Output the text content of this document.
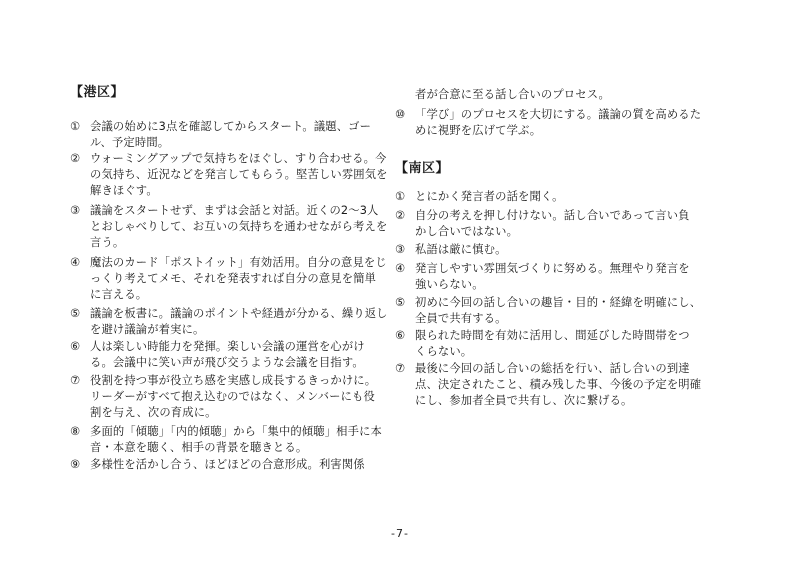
【港区】
① 会議の始めに3点を確認してからスタート。議題、ゴー
ル、予定時間。
② ウォーミングアップで気持ちをほぐし、すり合わせる。今
の気持ち、近況などを発言してもらう。堅苦しい雰囲気を
解きほぐす。
③ 議論をスタートせず、まずは会話と対話。近くの2～3人
とおしゃべりして、お互いの気持ちを通わせながら考えを
言う。
④ 魔法のカード「ポストイット」有効活用。自分の意見をじ
っくり考えてメモ、それを発表すれば自分の意見を簡単
に言える。
⑤ 議論を板書に。議論のポイントや経過が分かる、繰り返し
を避け議論が着実に。
⑥ 人は楽しい時能力を発揮。楽しい会議の運営を心がけ
る。会議中に笑い声が飛び交うような会議を目指す。
⑦ 役割を持つ事が役立ち感を実感し成長するきっかけに。
リーダーがすべて抱え込むのではなく、メンバーにも役
割を与え、次の育成に。
⑧ 多面的「傾聴」「内的傾聴」から「集中的傾聴」相手に本
音・本意を聴く、相手の背景を聴きとる。
⑨ 多様性を活かし合う、ほどほどの合意形成。利害関係
者が合意に至る話し合いのプロセス。
⑩ 「学び」のプロセスを大切にする。議論の質を高めるた
めに視野を広げて学ぶ。
【南区】
① とにかく発言者の話を聞く。
② 自分の考えを押し付けない。話し合いであって言い負
かし合いではない。
③ 私語は厳に慎む。
④ 発言しやすい雰囲気づくりに努める。無理やり発言を
強いらない。
⑤ 初めに今回の話し合いの趣旨・目的・経緯を明確にし、
全員で共有する。
⑥ 限られた時間を有効に活用し、間延びした時間帯をつ
くらない。
⑦ 最後に今回の話し合いの総括を行い、話し合いの到達
点、決定されたこと、積み残した事、今後の予定を明確
にし、参加者全員で共有し、次に繋げる。
-7-
